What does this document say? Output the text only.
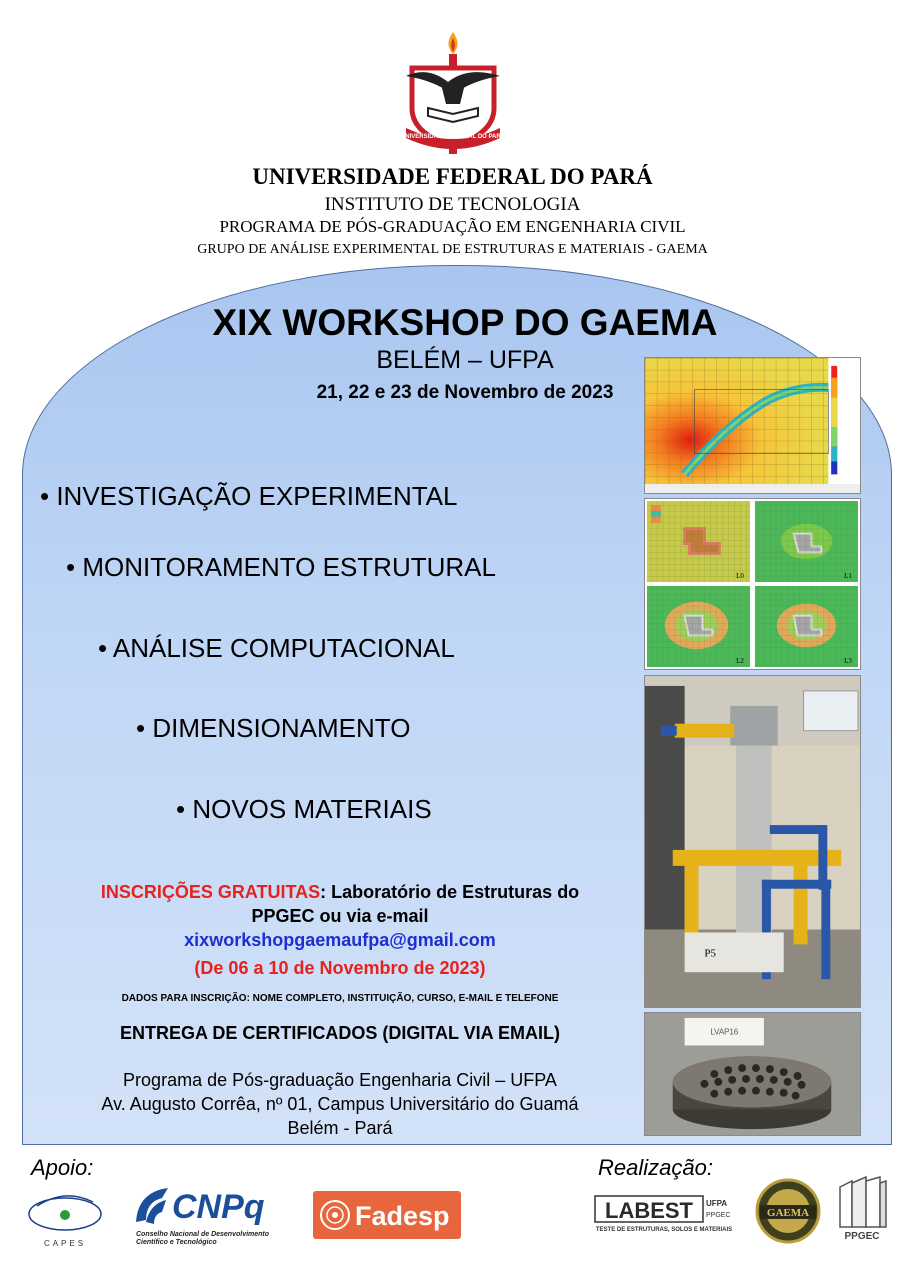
UNIVERSIDADE FEDERAL DO PARÁ
UNIVERSIDADE FEDERAL DO PARÁ
INSTITUTO DE TECNOLOGIA
PROGRAMA DE PÓS-GRADUAÇÃO EM ENGENHARIA CIVIL
GRUPO DE ANÁLISE EXPERIMENTAL DE ESTRUTURAS E MATERIAIS - GAEMA
XIX WORKSHOP DO GAEMA
BELÉM – UFPA
21, 22 e 23 de Novembro de 2023
• INVESTIGAÇÃO EXPERIMENTAL
• MONITORAMENTO ESTRUTURAL
• ANÁLISE COMPUTACIONAL
• DIMENSIONAMENTO
• NOVOS MATERIAIS
L0	L1
L2	L3
P5
LVAP16
INSCRIÇÕES GRATUITAS: Laboratório de Estruturas do
PPGEC ou via e-mail
xixworkshopgaemaufpa@gmail.com
(De 06 a 10 de Novembro de 2023)
DADOS PARA INSCRIÇÃO: NOME COMPLETO, INSTITUIÇÃO, CURSO, E-MAIL E TELEFONE
ENTREGA DE CERTIFICADOS (DIGITAL VIA EMAIL)
Programa de Pós-graduação Engenharia Civil – UFPA
Av. Augusto Corrêa, nº 01, Campus Universitário do Guamá
Belém - Pará
Apoio:	Realização:
CAPES
CNPq
Conselho Nacional de Desenvolvimento
Científico e Tecnológico
Fadesp	LABEST UFPA
PPGEC
TESTE DE ESTRUTURAS, SOLOS E MATERIAIS
GAEMA
PPGEC
